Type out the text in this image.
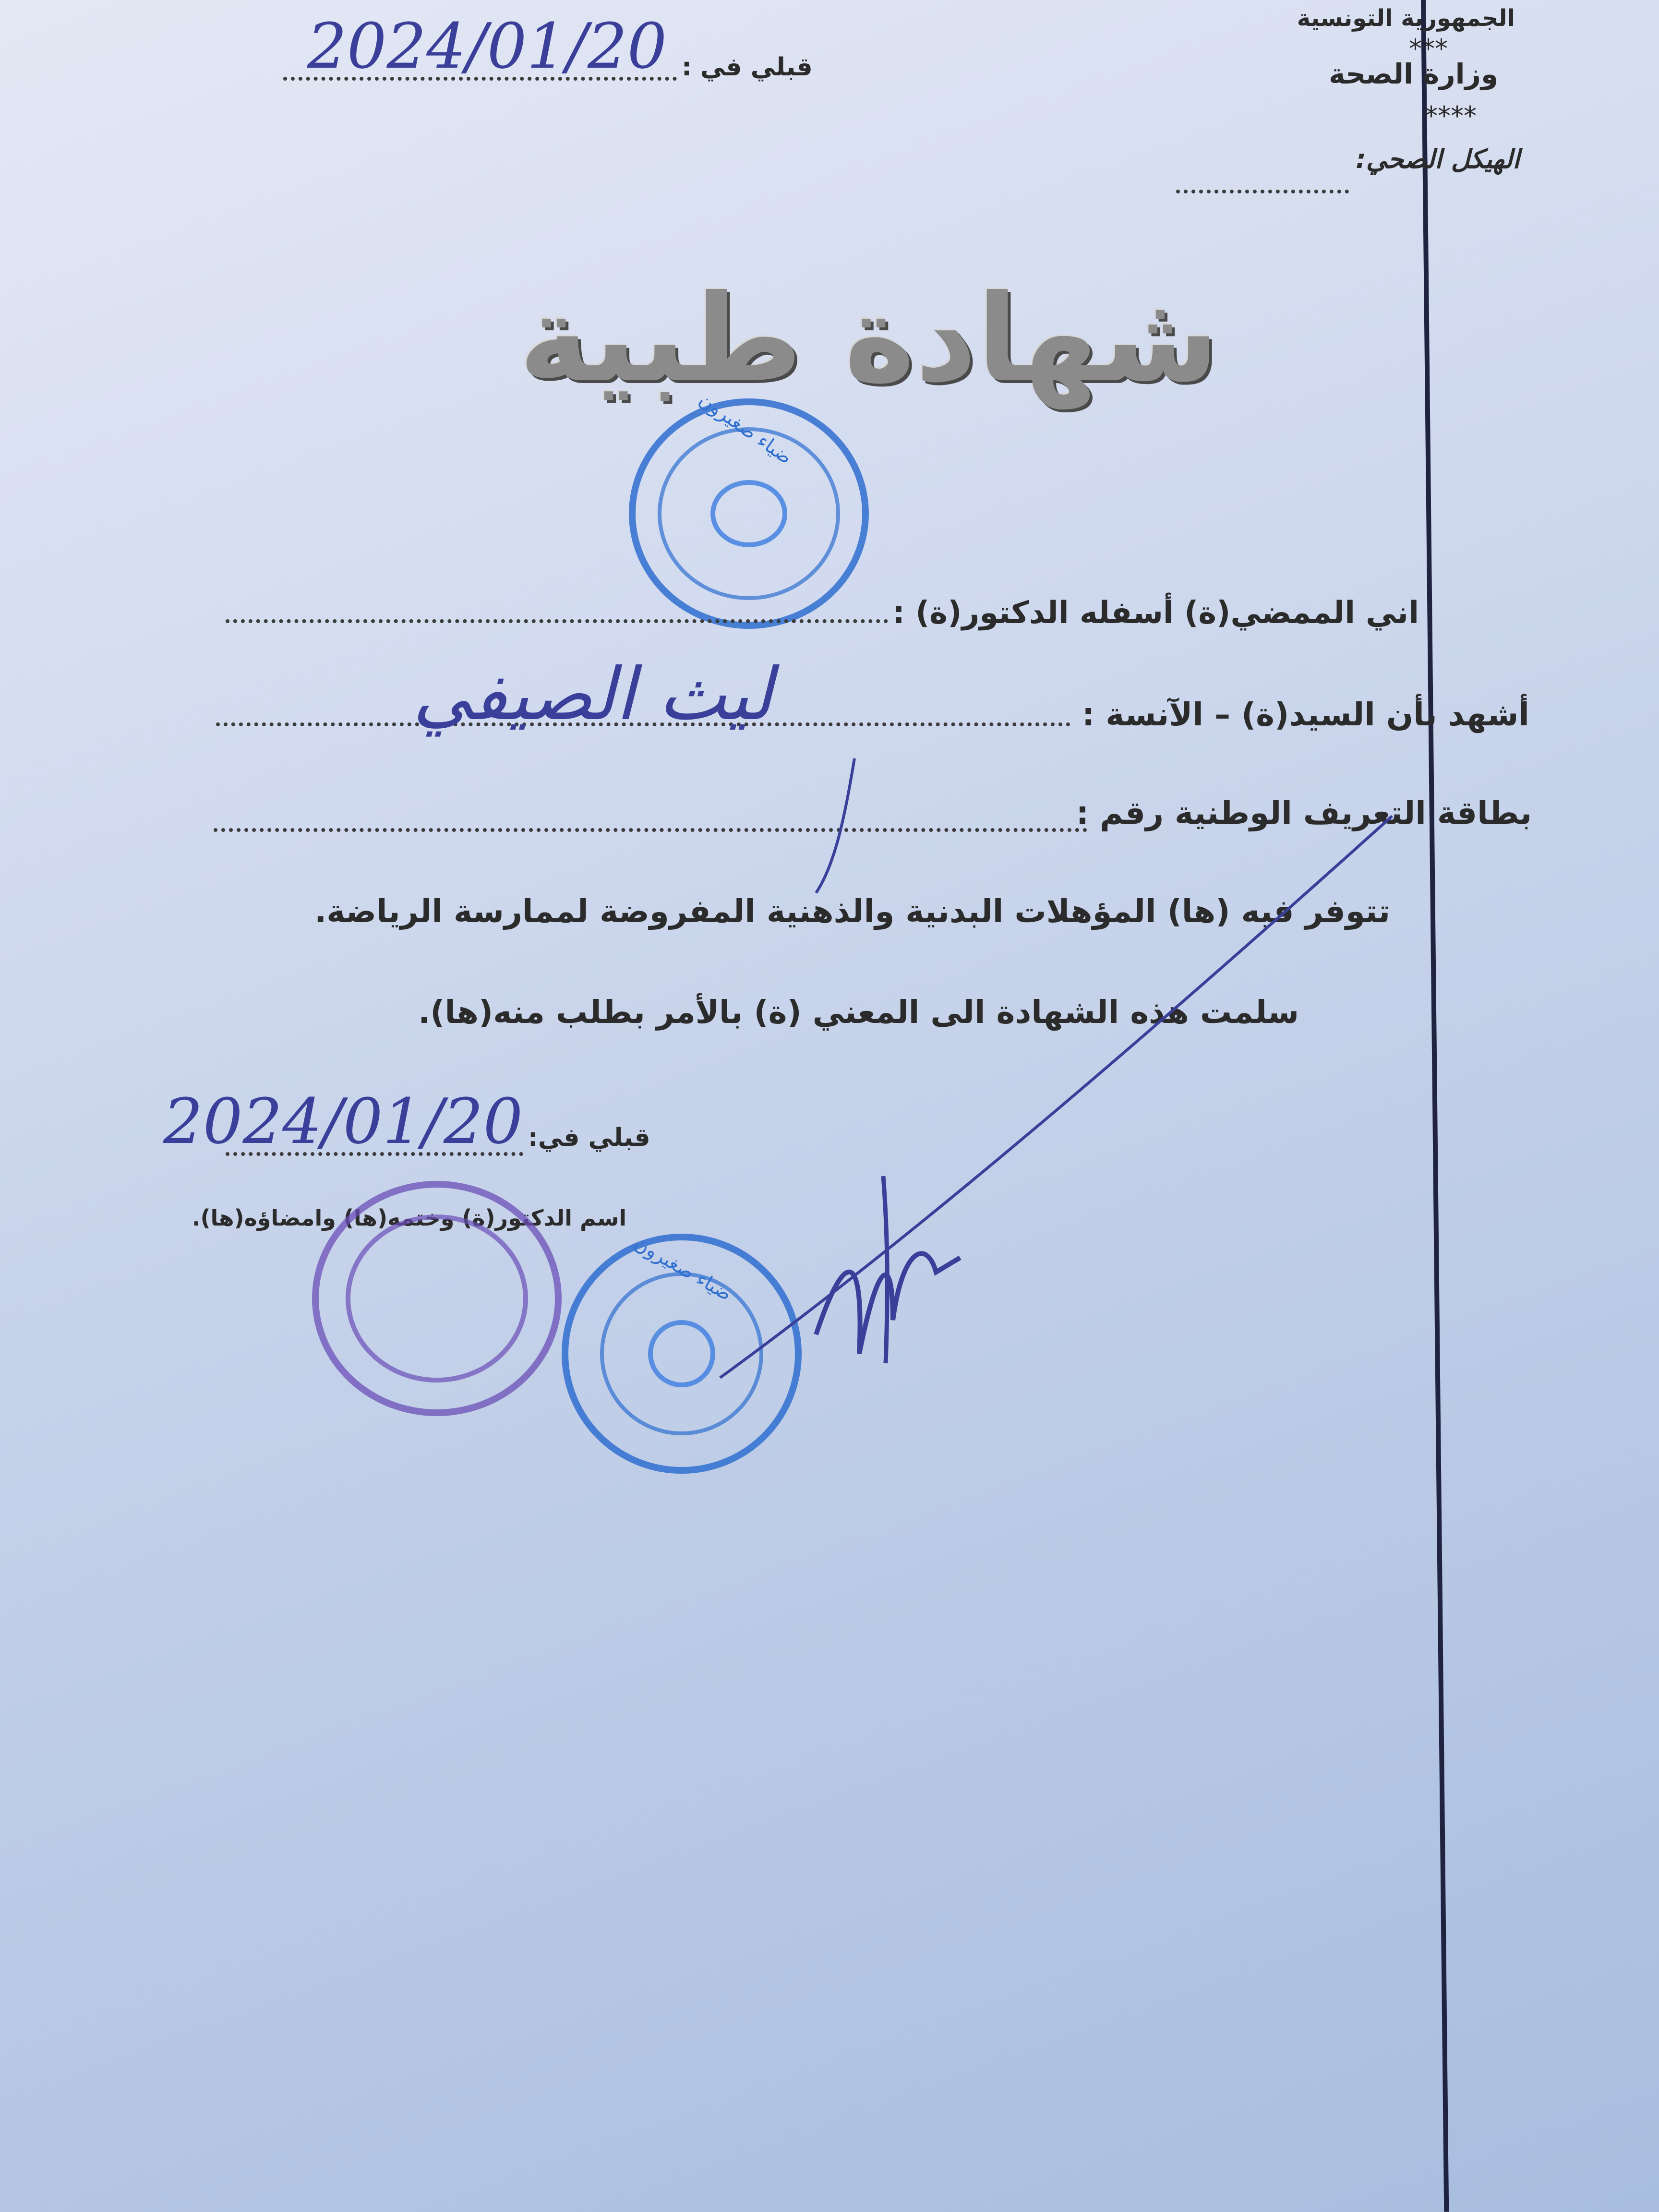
الجمهورية التونسية
***
وزارة الصحة
****
الهيكل الصحي:
قبلي في :
2024/01/20
شهادة طبية
ضياء صغيرون
اني الممضي(ة) أسفله الدكتور(ة) :
أشهد بأن السيد(ة) – الآنسة :
ليث الصيفي
بطاقة التعريف الوطنية رقم :
تتوفر فيه (ها) المؤهلات البدنية والذهنية المفروضة لممارسة الرياضة.
سلمت هذه الشهادة الى المعني (ة) بالأمر بطلب منه(ها).
قبلي في:
2024/01/20
اسم الدكتور(ة) وختمه(ها) وامضاؤه(ها).
ضياء صغيرون
